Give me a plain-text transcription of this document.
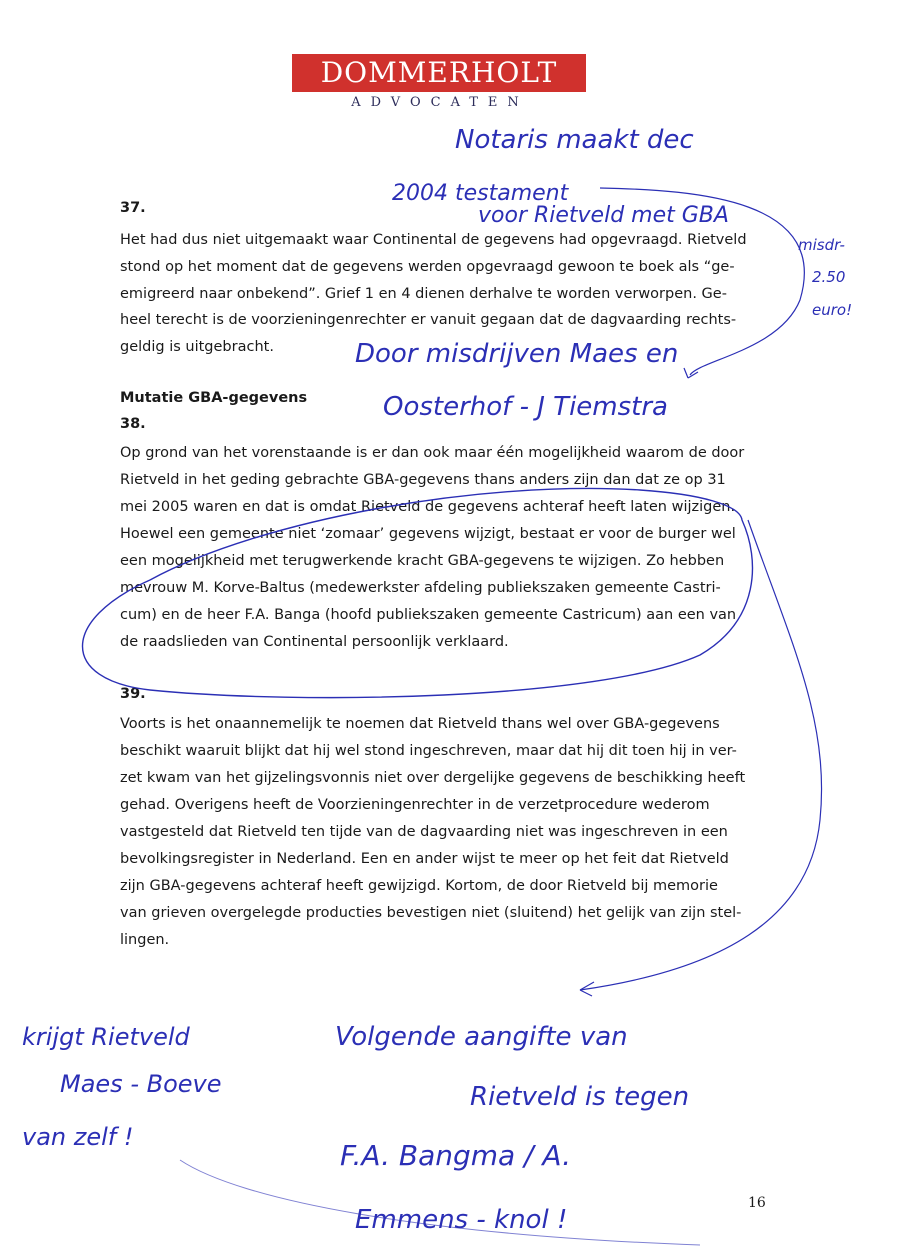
DOMMERHOLT
ADVOCATEN
37.
Het had dus niet uitgemaakt waar Continental de gegevens had opgevraagd. Rietveld
stond op het moment dat de gegevens werden opgevraagd gewoon te boek als “ge-
emigreerd naar onbekend”. Grief 1 en 4 dienen derhalve te worden verworpen. Ge-
heel terecht is de voorzieningenrechter er vanuit gegaan dat de dagvaarding rechts-
geldig is uitgebracht.
Mutatie GBA-gegevens
38.
Op grond van het vorenstaande is er dan ook maar één mogelijkheid waarom de door
Rietveld in het geding gebrachte GBA-gegevens thans anders zijn dan dat ze op 31
mei 2005 waren en dat is omdat Rietveld de gegevens achteraf heeft laten wijzigen.
Hoewel een gemeente niet ‘zomaar’ gegevens wijzigt, bestaat er voor de burger wel
een mogelijkheid met terugwerkende kracht GBA-gegevens te wijzigen. Zo hebben
mevrouw M. Korve-Baltus (medewerkster afdeling publiekszaken gemeente Castri-
cum) en de heer F.A. Banga (hoofd publiekszaken gemeente Castricum) aan een van
de raadslieden van Continental persoonlijk verklaard.
39.
Voorts is het onaannemelijk te noemen dat Rietveld thans wel over GBA-gegevens
beschikt waaruit blijkt dat hij wel stond ingeschreven, maar dat hij dit toen hij in ver-
zet kwam van het gijzelingsvonnis niet over dergelijke gegevens de beschikking heeft
gehad. Overigens heeft de Voorzieningenrechter in de verzetprocedure wederom
vastgesteld dat Rietveld ten tijde van de dagvaarding niet was ingeschreven in een
bevolkingsregister in Nederland. Een en ander wijst te meer op het feit dat Rietveld
zijn GBA-gegevens achteraf heeft gewijzigd. Kortom, de door Rietveld bij memorie
van grieven overgelegde producties bevestigen niet (sluitend) het gelijk van zijn stel-
lingen.
Notaris maakt dec
2004 testament
voor Rietveld met GBA
misdr-
2.50
euro!
Door misdrijven Maes en
Oosterhof - J Tiemstra
krijgt Rietveld
Maes - Boeve
van zelf !
Volgende aangifte van
Rietveld is tegen
F.A. Bangma / A.
Emmens - knol !
16
